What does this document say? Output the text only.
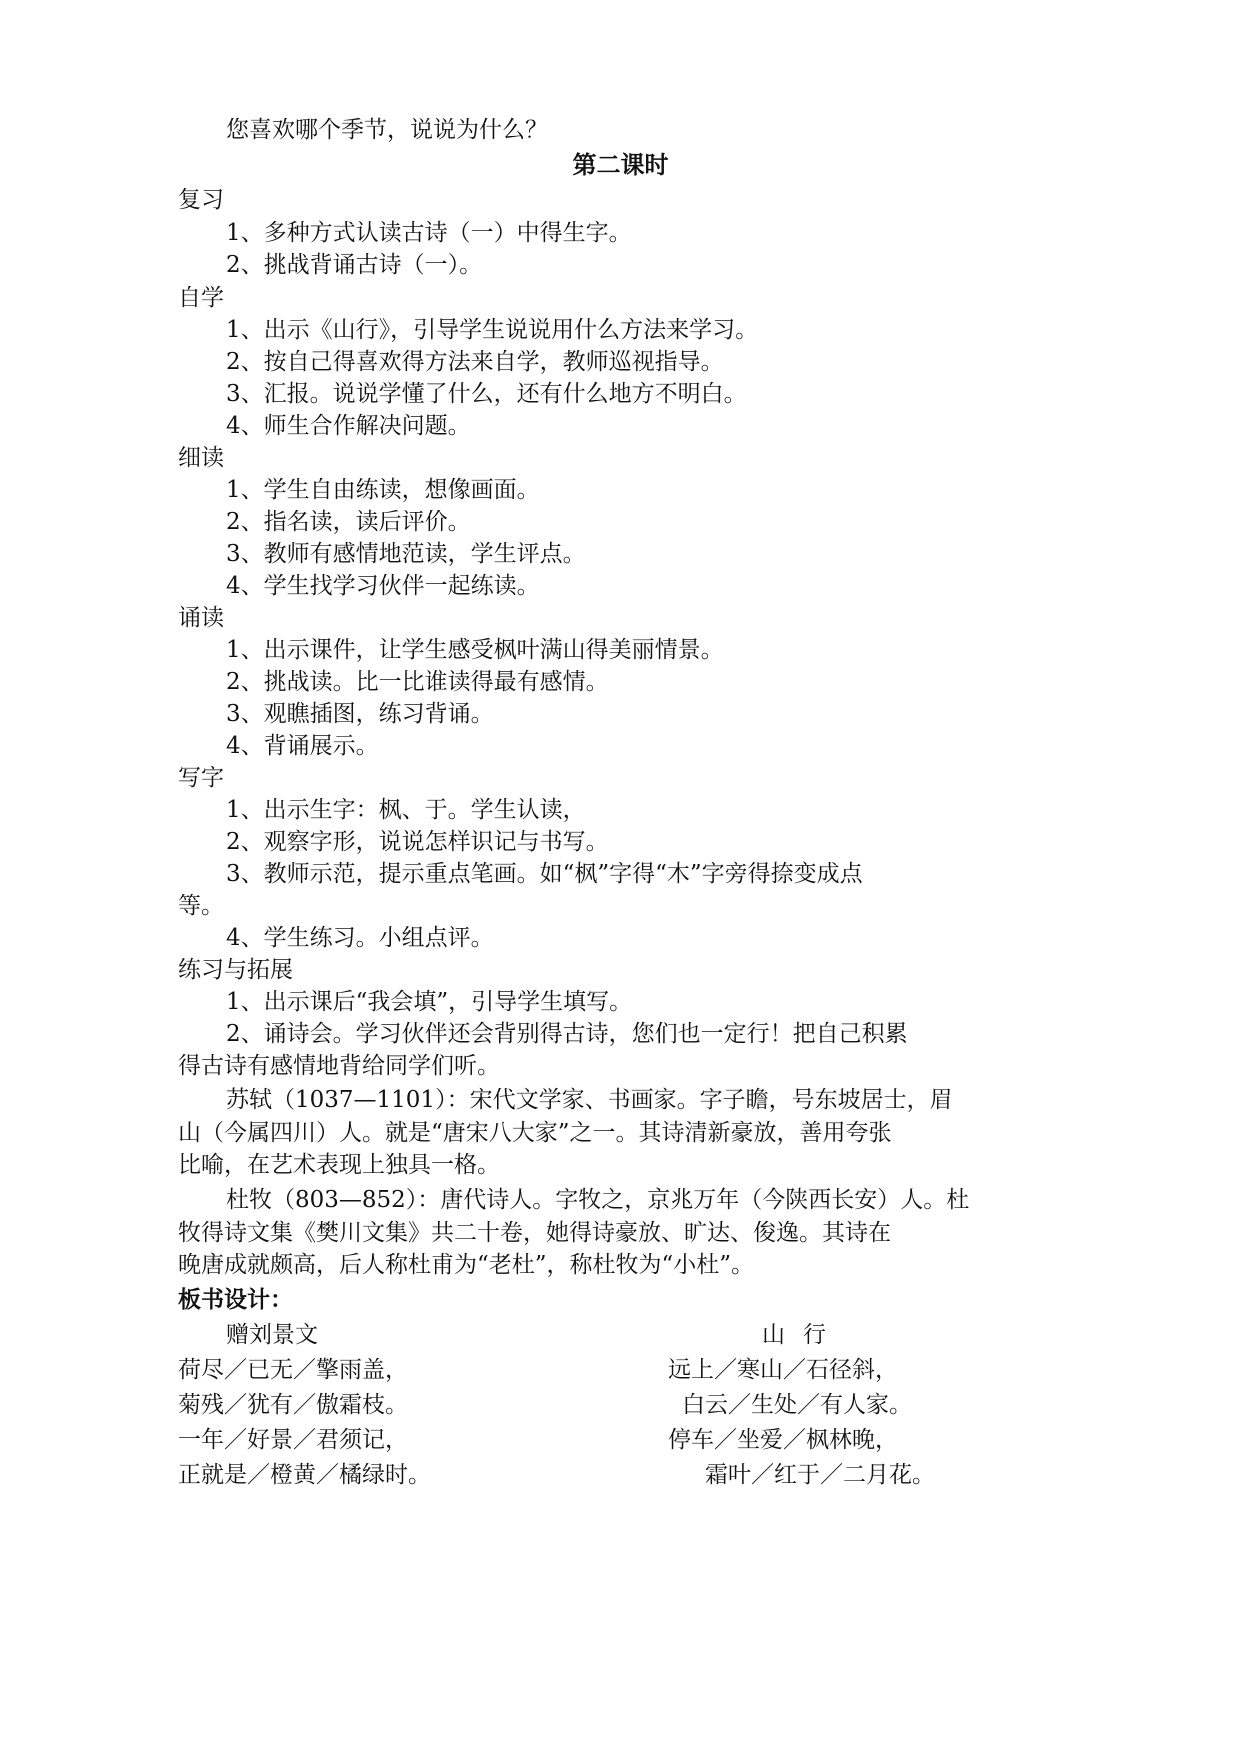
您喜欢哪个季节，说说为什么？
第二课时
复习
1、多种方式认读古诗（一）中得生字。
2、挑战背诵古诗（一）。
自学
1、出示《山行》，引导学生说说用什么方法来学习。
2、按自己得喜欢得方法来自学，教师巡视指导。
3、汇报。说说学懂了什么，还有什么地方不明白。
4、师生合作解决问题。
细读
1、学生自由练读，想像画面。
2、指名读，读后评价。
3、教师有感情地范读，学生评点。
4、学生找学习伙伴一起练读。
诵读
1、出示课件，让学生感受枫叶满山得美丽情景。
2、挑战读。比一比谁读得最有感情。
3、观瞧插图，练习背诵。
4、背诵展示。
写字
1、出示生字：枫、于。学生认读，
2、观察字形，说说怎样识记与书写。
3、教师示范，提示重点笔画。如“枫”字得“木”字旁得捺变成点
等。
4、学生练习。小组点评。
练习与拓展
1、出示课后“我会填”，引导学生填写。
2、诵诗会。学习伙伴还会背别得古诗，您们也一定行！把自己积累
得古诗有感情地背给同学们听。
苏轼（1037—1101）：宋代文学家、书画家。字子瞻，号东坡居士，眉
山（今属四川）人。就是“唐宋八大家”之一。其诗清新豪放，善用夸张
比喻，在艺术表现上独具一格。
杜牧（803—852）：唐代诗人。字牧之，京兆万年（今陕西长安）人。杜
牧得诗文集《樊川文集》共二十卷，她得诗豪放、旷达、俊逸。其诗在
晚唐成就颇高，后人称杜甫为“老杜”，称杜牧为“小杜”。
板书设计：
赠刘景文	山行
荷尽／已无／擎雨盖，	远上／寒山／石径斜，
菊残／犹有／傲霜枝。	白云／生处／有人家。
一年／好景／君须记，	停车／坐爱／枫林晚，
正就是／橙黄／橘绿时。	霜叶／红于／二月花。
